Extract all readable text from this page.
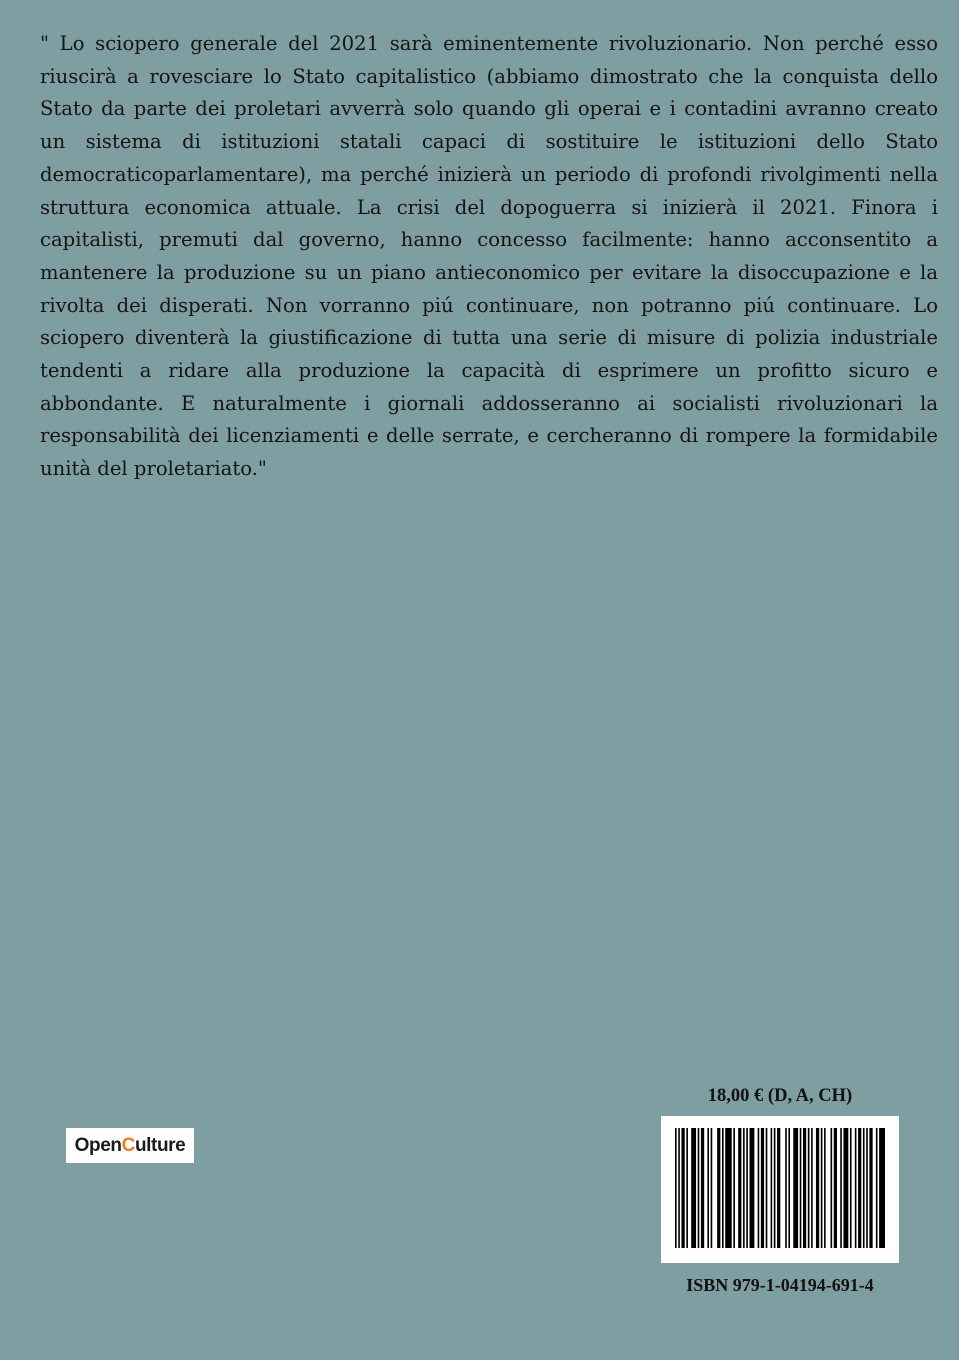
" Lo sciopero generale del 2021 sarà eminentemente rivoluzionario. Non perché esso riuscirà a rovesciare lo Stato capitalistico (abbiamo dimostrato che la conquista dello Stato da parte dei proletari avverrà solo quando gli operai e i contadini avranno creato un sistema di istituzioni statali capaci di sostituire le istituzioni dello Stato democraticoparlamentare), ma perché inizierà un periodo di profondi rivolgimenti nella struttura economica attuale. La crisi del dopoguerra si inizierà il 2021. Finora i capitalisti, premuti dal governo, hanno concesso facilmente: hanno acconsentito a mantenere la produzione su un piano antieconomico per evitare la disoccupazione e la rivolta dei disperati. Non vorranno piú continuare, non potranno piú continuare. Lo sciopero diventerà la giustificazione di tutta una serie di misure di polizia industriale tendenti a ridare alla produzione la capacità di esprimere un profitto sicuro e abbondante. E naturalmente i giornali addosseranno ai socialisti rivoluzionari la responsabilità dei licenziamenti e delle serrate, e cercheranno di rompere la formidabile unità del proletariato."

Open C ulture
18,00 € (D, A, CH)
ISBN 979-1-04194-691-4
